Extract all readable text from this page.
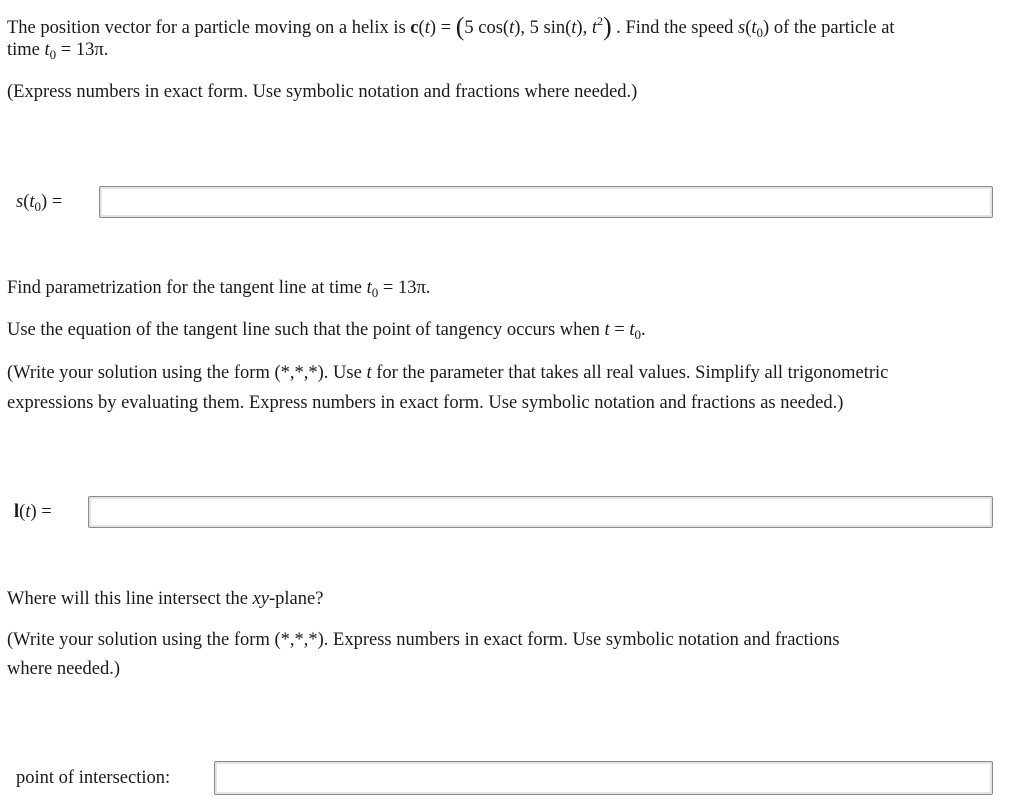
The position vector for a particle moving on a helix is c(t) = (5 cos(t), 5 sin(t), $t^2$) . Find the speed $s(t_0)$ of the particle at
time $t_0 = 13\pi$.
(Express numbers in exact form. Use symbolic notation and fractions where needed.)
$s(t_0)$ =
Find parametrization for the tangent line at time $t_0 = 13\pi$.
Use the equation of the tangent line such that the point of tangency occurs when $t = t_0$.
(Write your solution using the form (*,*,*). Use t for the parameter that takes all real values. Simplify all trigonometric
expressions by evaluating them. Express numbers in exact form. Use symbolic notation and fractions as needed.)
l(t) =
Where will this line intersect the xy-plane?
(Write your solution using the form (*,*,*). Express numbers in exact form. Use symbolic notation and fractions
where needed.)
point of intersection:
